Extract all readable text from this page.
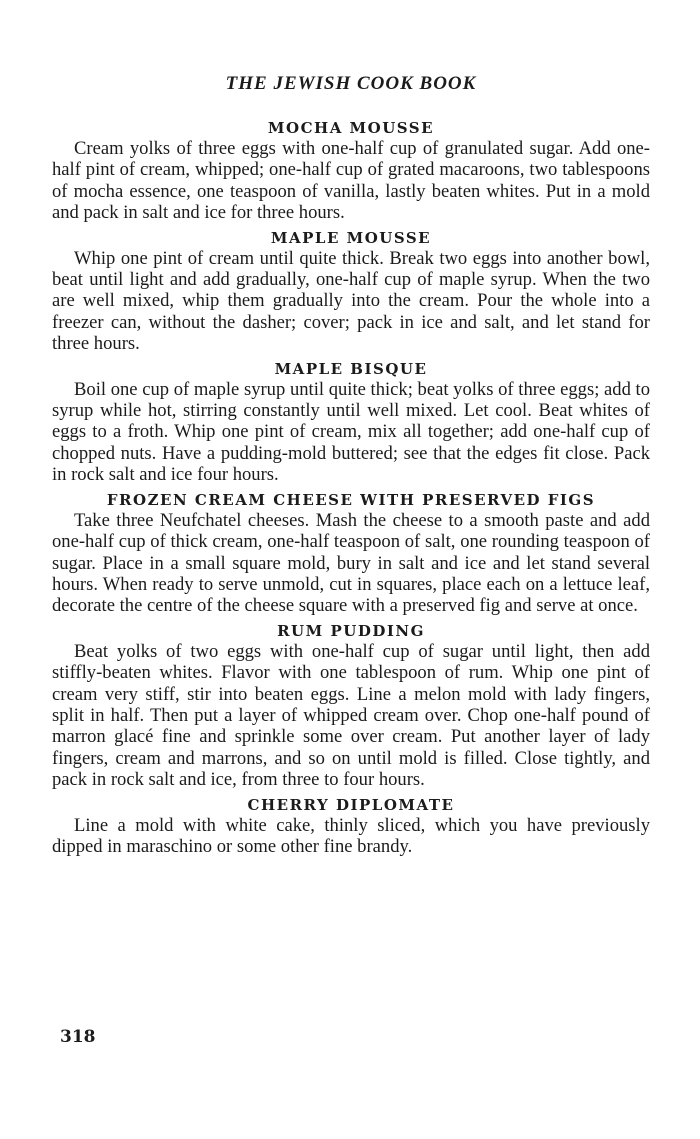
THE JEWISH COOK BOOK
MOCHA MOUSSE

Cream yolks of three eggs with one-half cup of granulated sugar. Add one-half pint of cream, whipped; one-half cup of grated macaroons, two tablespoons of mocha essence, one teaspoon of vanilla, lastly beaten whites. Put in a mold and pack in salt and ice for three hours.

MAPLE MOUSSE

Whip one pint of cream until quite thick. Break two eggs into another bowl, beat until light and add gradually, one-half cup of maple syrup. When the two are well mixed, whip them gradually into the cream. Pour the whole into a freezer can, without the dasher; cover; pack in ice and salt, and let stand for three hours.

MAPLE BISQUE

Boil one cup of maple syrup until quite thick; beat yolks of three eggs; add to syrup while hot, stirring constantly until well mixed. Let cool. Beat whites of eggs to a froth. Whip one pint of cream, mix all together; add one-half cup of chopped nuts. Have a pudding-mold buttered; see that the edges fit close. Pack in rock salt and ice four hours.

FROZEN CREAM CHEESE WITH PRESERVED FIGS

Take three Neufchatel cheeses. Mash the cheese to a smooth paste and add one-half cup of thick cream, one-half teaspoon of salt, one rounding teaspoon of sugar. Place in a small square mold, bury in salt and ice and let stand several hours. When ready to serve unmold, cut in squares, place each on a lettuce leaf, decorate the centre of the cheese square with a preserved fig and serve at once.

RUM PUDDING

Beat yolks of two eggs with one-half cup of sugar until light, then add stiffly-beaten whites. Flavor with one tablespoon of rum. Whip one pint of cream very stiff, stir into beaten eggs. Line a melon mold with lady fingers, split in half. Then put a layer of whipped cream over. Chop one-half pound of marron glacé fine and sprinkle some over cream. Put another layer of lady fingers, cream and marrons, and so on until mold is filled. Close tightly, and pack in rock salt and ice, from three to four hours.

CHERRY DIPLOMATE

Line a mold with white cake, thinly sliced, which you have previously dipped in maraschino or some other fine brandy.

318
